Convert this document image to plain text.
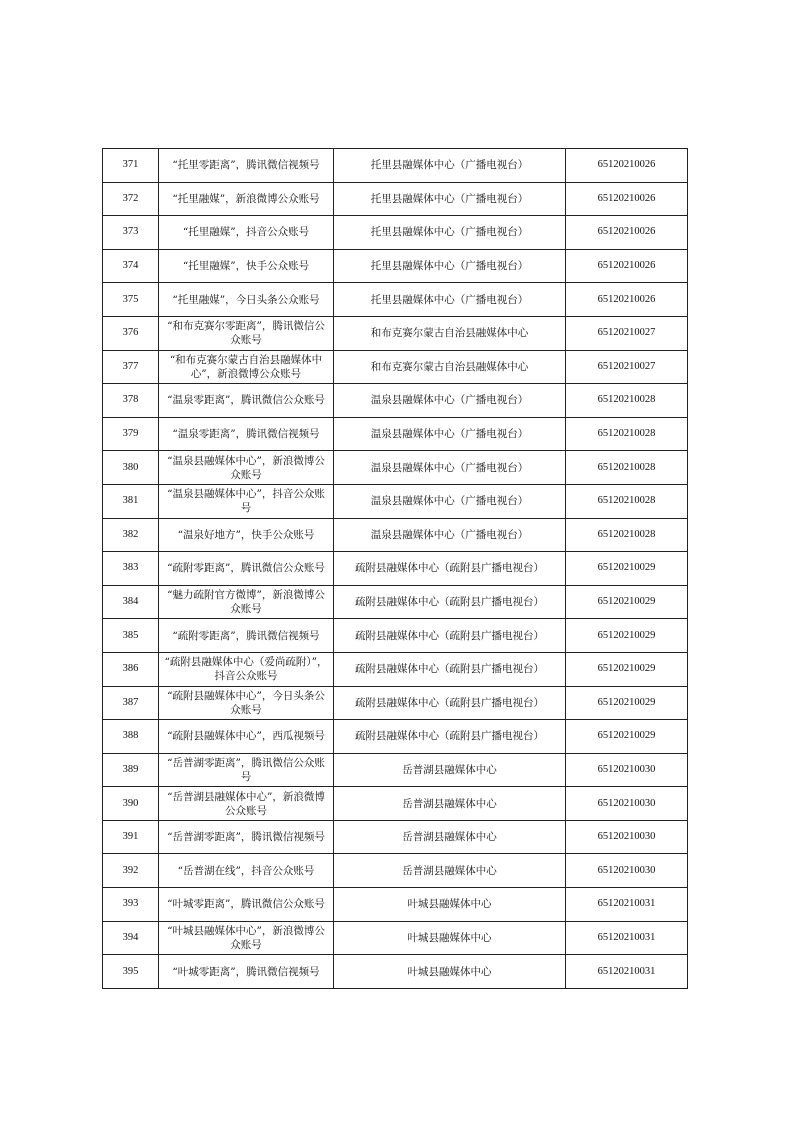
371	“托里零距离”，腾讯微信视频号	托里县融媒体中心（广播电视台）	65120210026
372	“托里融媒”，新浪微博公众账号	托里县融媒体中心（广播电视台）	65120210026
373	“托里融媒”，抖音公众账号	托里县融媒体中心（广播电视台）	65120210026
374	“托里融媒”，快手公众账号	托里县融媒体中心（广播电视台）	65120210026
375	“托里融媒”，今日头条公众账号	托里县融媒体中心（广播电视台）	65120210026
376	“和布克赛尔零距离”，腾讯微信公众账号	和布克赛尔蒙古自治县融媒体中心	65120210027
377	“和布克赛尔蒙古自治县融媒体中心”，新浪微博公众账号	和布克赛尔蒙古自治县融媒体中心	65120210027
378	“温泉零距离”，腾讯微信公众账号	温泉县融媒体中心（广播电视台）	65120210028
379	“温泉零距离”，腾讯微信视频号	温泉县融媒体中心（广播电视台）	65120210028
380	“温泉县融媒体中心”，新浪微博公众账号	温泉县融媒体中心（广播电视台）	65120210028
381	“温泉县融媒体中心”，抖音公众账号	温泉县融媒体中心（广播电视台）	65120210028
382	“温泉好地方”，快手公众账号	温泉县融媒体中心（广播电视台）	65120210028
383	“疏附零距离”，腾讯微信公众账号	疏附县融媒体中心（疏附县广播电视台）	65120210029
384	“魅力疏附官方微博”，新浪微博公众账号	疏附县融媒体中心（疏附县广播电视台）	65120210029
385	“疏附零距离”，腾讯微信视频号	疏附县融媒体中心（疏附县广播电视台）	65120210029
386	“疏附县融媒体中心（爱尚疏附）”，抖音公众账号	疏附县融媒体中心（疏附县广播电视台）	65120210029
387	“疏附县融媒体中心”，今日头条公众账号	疏附县融媒体中心（疏附县广播电视台）	65120210029
388	“疏附县融媒体中心”，西瓜视频号	疏附县融媒体中心（疏附县广播电视台）	65120210029
389	“岳普湖零距离”，腾讯微信公众账号	岳普湖县融媒体中心	65120210030
390	“岳普湖县融媒体中心”，新浪微博公众账号	岳普湖县融媒体中心	65120210030
391	“岳普湖零距离”，腾讯微信视频号	岳普湖县融媒体中心	65120210030
392	“岳普湖在线”，抖音公众账号	岳普湖县融媒体中心	65120210030
393	“叶城零距离”，腾讯微信公众账号	叶城县融媒体中心	65120210031
394	“叶城县融媒体中心”，新浪微博公众账号	叶城县融媒体中心	65120210031
395	“叶城零距离”，腾讯微信视频号	叶城县融媒体中心	65120210031
